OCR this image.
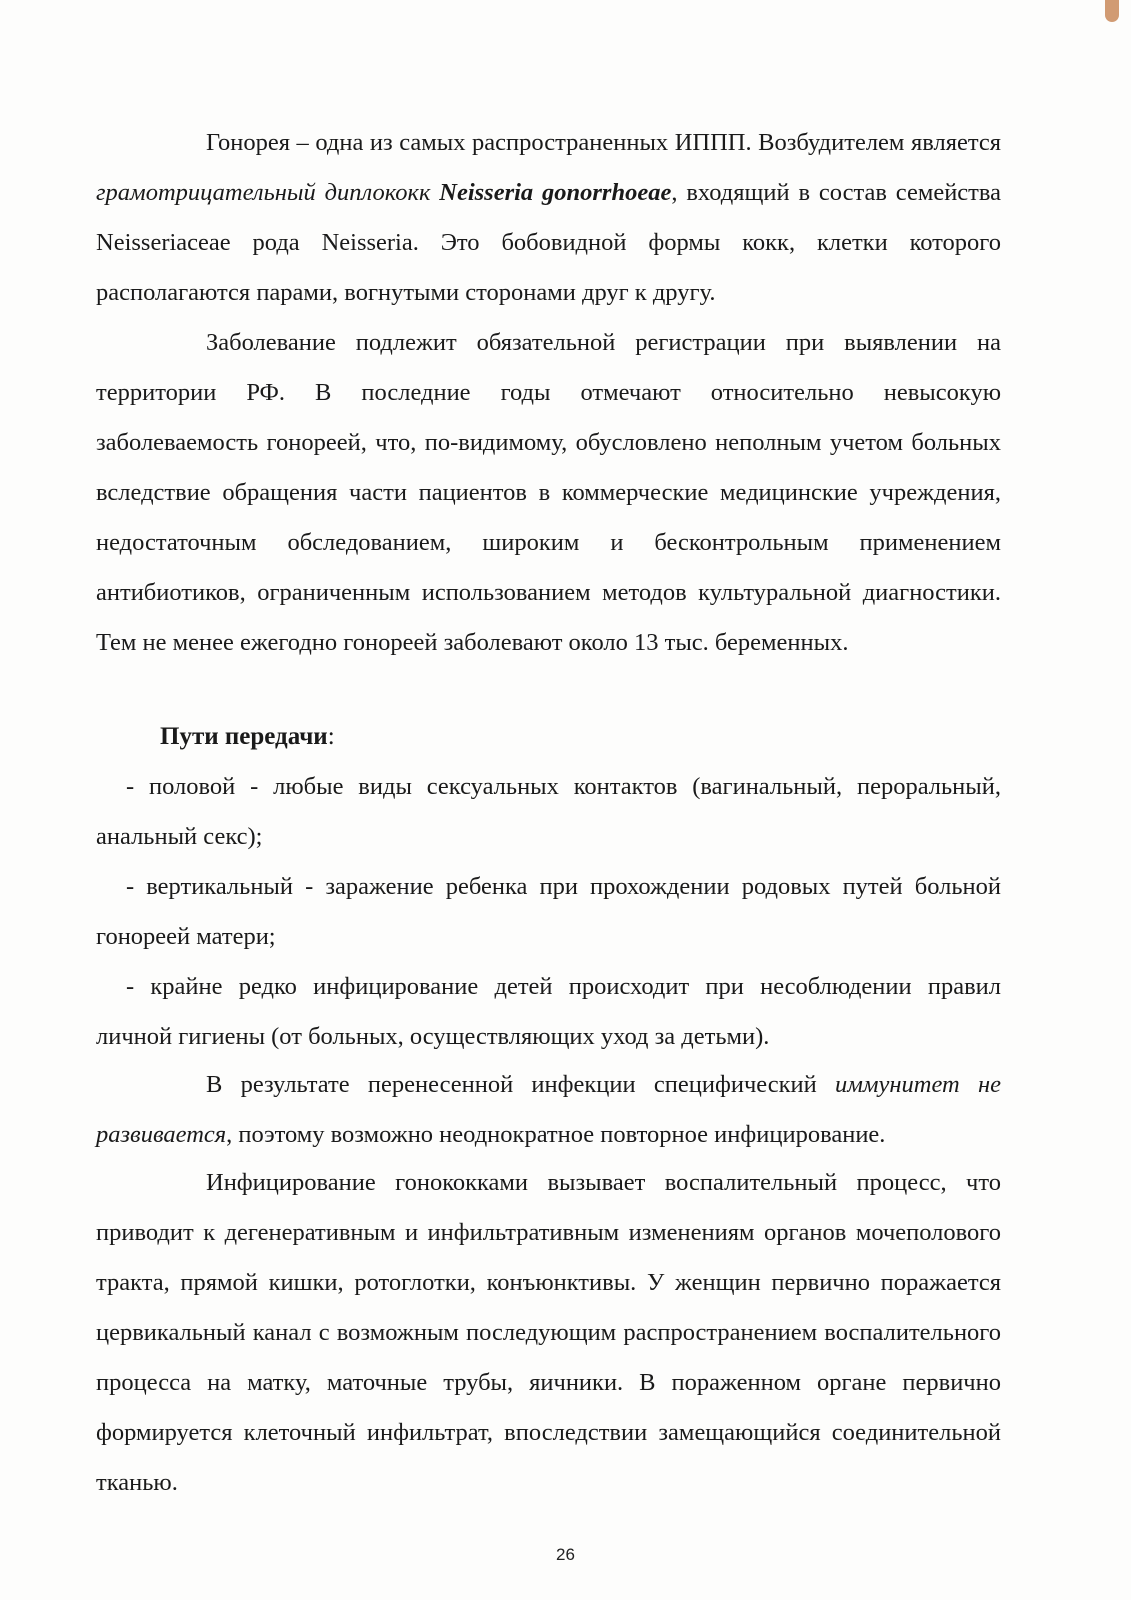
Гонорея – одна из самых распространенных ИППП. Возбудителем является грамотрицательный диплококк Neisseria gonorrhoeae, входящий в состав семейства Neisseriaceae рода Neisseria. Это бобовидной формы кокк, клетки которого располагаются парами, вогнутыми сторонами друг к другу.

Заболевание подлежит обязательной регистрации при выявлении на территории РФ. В последние годы отмечают относительно невысокую заболеваемость гонореей, что, по-видимому, обусловлено неполным учетом больных вследствие обращения части пациентов в коммерческие медицинские учреждения, недостаточным обследованием, широким и бесконтрольным применением антибиотиков, ограниченным использованием методов культуральной диагностики. Тем не менее ежегодно гонореей заболевают около 13 тыс. беременных.

Пути передачи:

- половой - любые виды сексуальных контактов (вагинальный, пероральный, анальный секс);

- вертикальный - заражение ребенка при прохождении родовых путей больной гонореей матери;

- крайне редко инфицирование детей происходит при несоблюдении правил личной гигиены (от больных, осуществляющих уход за детьми).

В результате перенесенной инфекции специфический иммунитет не развивается, поэтому возможно неоднократное повторное инфицирование.

Инфицирование гонококками вызывает воспалительный процесс, что приводит к дегенеративным и инфильтративным изменениям органов мочеполового тракта, прямой кишки, ротоглотки, конъюнктивы. У женщин первично поражается цервикальный канал с возможным последующим распространением воспалительного процесса на матку, маточные трубы, яичники. В пораженном органе первично формируется клеточный инфильтрат, впоследствии замещающийся соединительной тканью.

26
